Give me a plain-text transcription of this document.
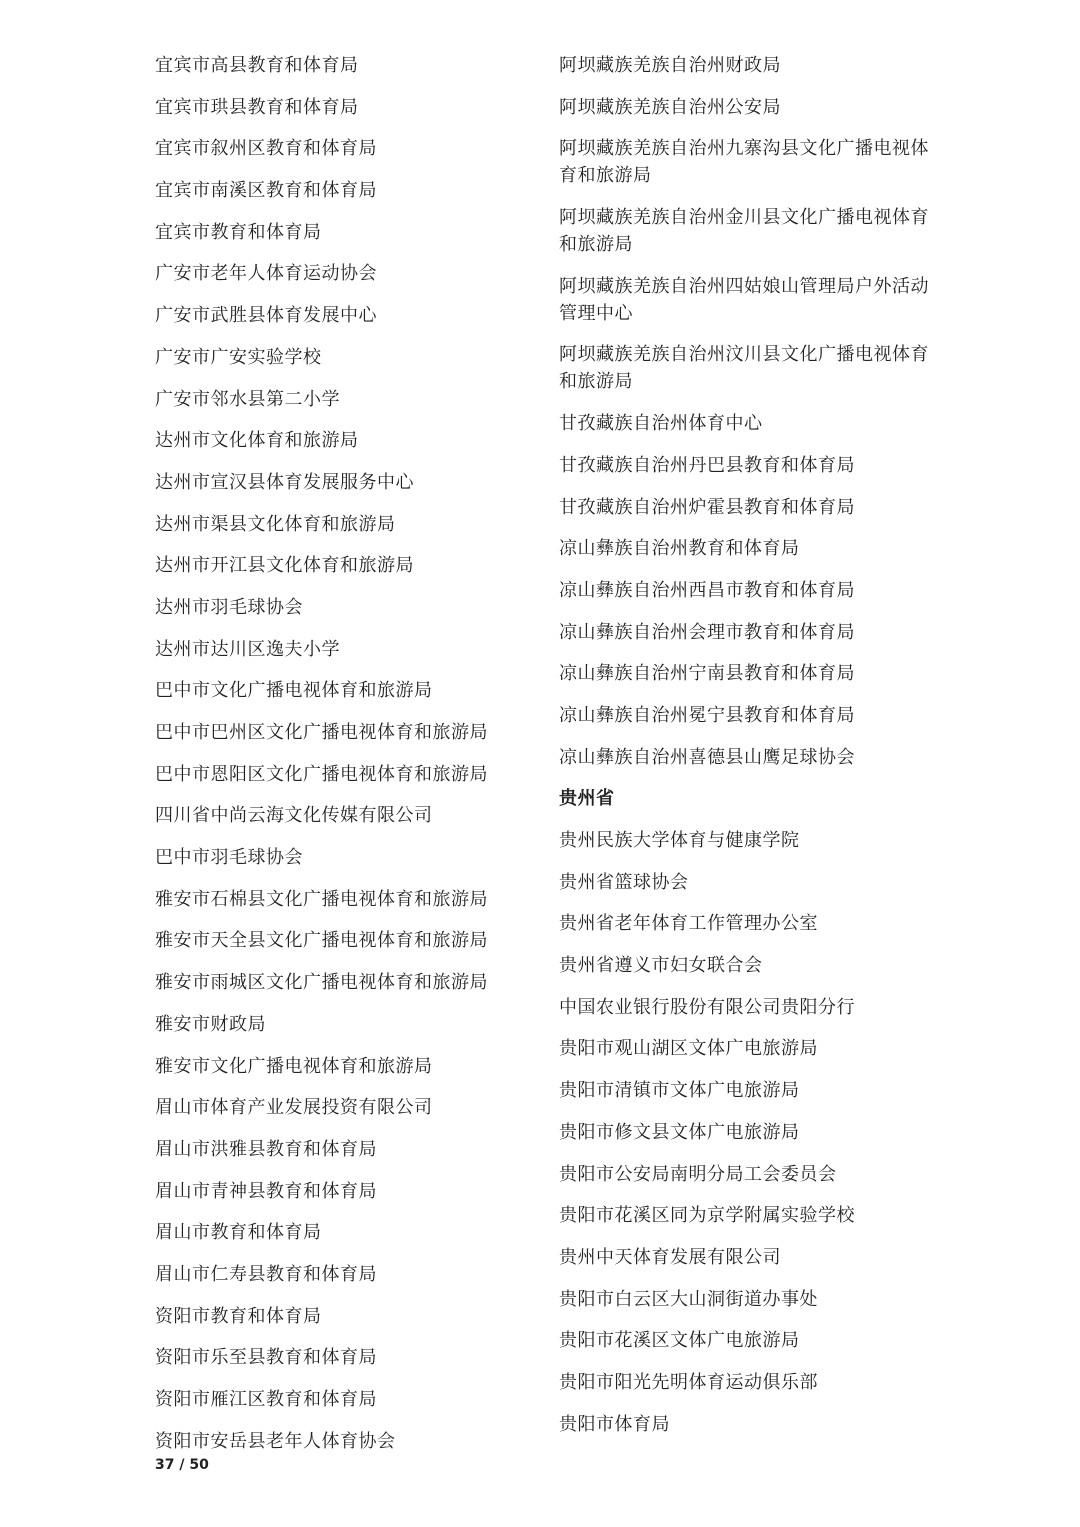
宜宾市高县教育和体育局
宜宾市珙县教育和体育局
宜宾市叙州区教育和体育局
宜宾市南溪区教育和体育局
宜宾市教育和体育局
广安市老年人体育运动协会
广安市武胜县体育发展中心
广安市广安实验学校
广安市邻水县第二小学
达州市文化体育和旅游局
达州市宣汉县体育发展服务中心
达州市渠县文化体育和旅游局
达州市开江县文化体育和旅游局
达州市羽毛球协会
达州市达川区逸夫小学
巴中市文化广播电视体育和旅游局
巴中市巴州区文化广播电视体育和旅游局
巴中市恩阳区文化广播电视体育和旅游局
四川省中尚云海文化传媒有限公司
巴中市羽毛球协会
雅安市石棉县文化广播电视体育和旅游局
雅安市天全县文化广播电视体育和旅游局
雅安市雨城区文化广播电视体育和旅游局
雅安市财政局
雅安市文化广播电视体育和旅游局
眉山市体育产业发展投资有限公司
眉山市洪雅县教育和体育局
眉山市青神县教育和体育局
眉山市教育和体育局
眉山市仁寿县教育和体育局
资阳市教育和体育局
资阳市乐至县教育和体育局
资阳市雁江区教育和体育局
资阳市安岳县老年人体育协会
阿坝藏族羌族自治州财政局
阿坝藏族羌族自治州公安局
阿坝藏族羌族自治州九寨沟县文化广播电视体育和旅游局
阿坝藏族羌族自治州金川县文化广播电视体育和旅游局
阿坝藏族羌族自治州四姑娘山管理局户外活动管理中心
阿坝藏族羌族自治州汶川县文化广播电视体育和旅游局
甘孜藏族自治州体育中心
甘孜藏族自治州丹巴县教育和体育局
甘孜藏族自治州炉霍县教育和体育局
凉山彝族自治州教育和体育局
凉山彝族自治州西昌市教育和体育局
凉山彝族自治州会理市教育和体育局
凉山彝族自治州宁南县教育和体育局
凉山彝族自治州冕宁县教育和体育局
凉山彝族自治州喜德县山鹰足球协会
贵州省
贵州民族大学体育与健康学院
贵州省篮球协会
贵州省老年体育工作管理办公室
贵州省遵义市妇女联合会
中国农业银行股份有限公司贵阳分行
贵阳市观山湖区文体广电旅游局
贵阳市清镇市文体广电旅游局
贵阳市修文县文体广电旅游局
贵阳市公安局南明分局工会委员会
贵阳市花溪区同为京学附属实验学校
贵州中天体育发展有限公司
贵阳市白云区大山洞街道办事处
贵阳市花溪区文体广电旅游局
贵阳市阳光先明体育运动俱乐部
贵阳市体育局
37 / 50
